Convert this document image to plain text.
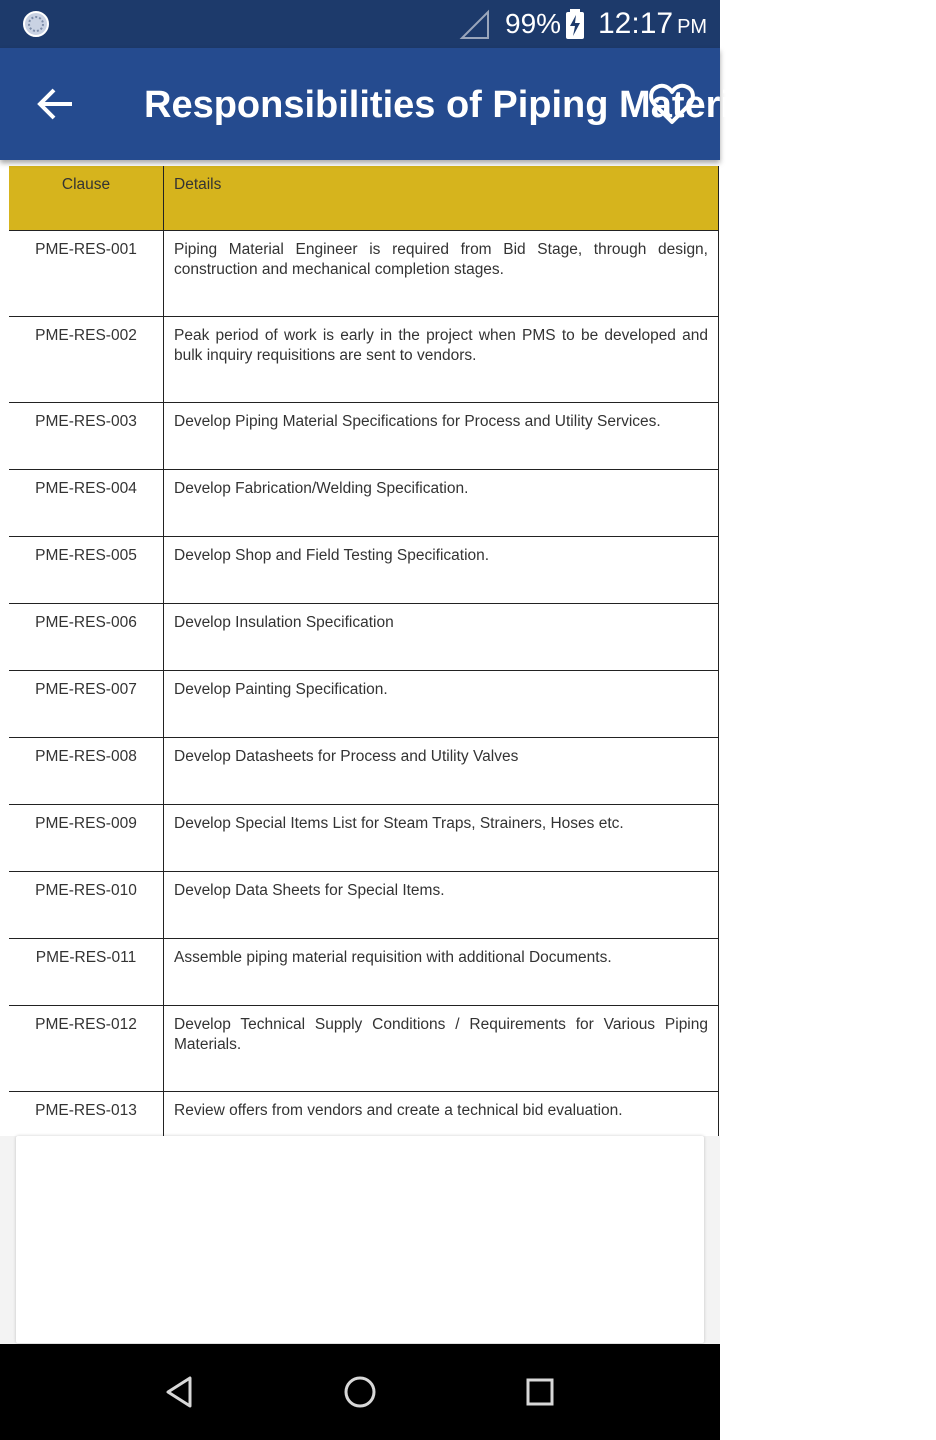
99% 12:17 PM
Responsibilities of Piping Material Engineer
Clause	Details
PME-RES-001	Piping Material Engineer is required from Bid Stage, through design, construction and mechanical completion stages.
PME-RES-002	Peak period of work is early in the project when PMS to be developed and bulk inquiry requisitions are sent to vendors.
PME-RES-003	Develop Piping Material Specifications for Process and Utility Services.
PME-RES-004	Develop Fabrication/Welding Specification.
PME-RES-005	Develop Shop and Field Testing Specification.
PME-RES-006	Develop Insulation Specification
PME-RES-007	Develop Painting Specification.
PME-RES-008	Develop Datasheets for Process and Utility Valves
PME-RES-009	Develop Special Items List for Steam Traps, Strainers, Hoses etc.
PME-RES-010	Develop Data Sheets for Special Items.
PME-RES-011	Assemble piping material requisition with additional Documents.
PME-RES-012	Develop Technical Supply Conditions / Requirements for Various Piping Materials.
PME-RES-013	Review offers from vendors and create a technical bid evaluation.
